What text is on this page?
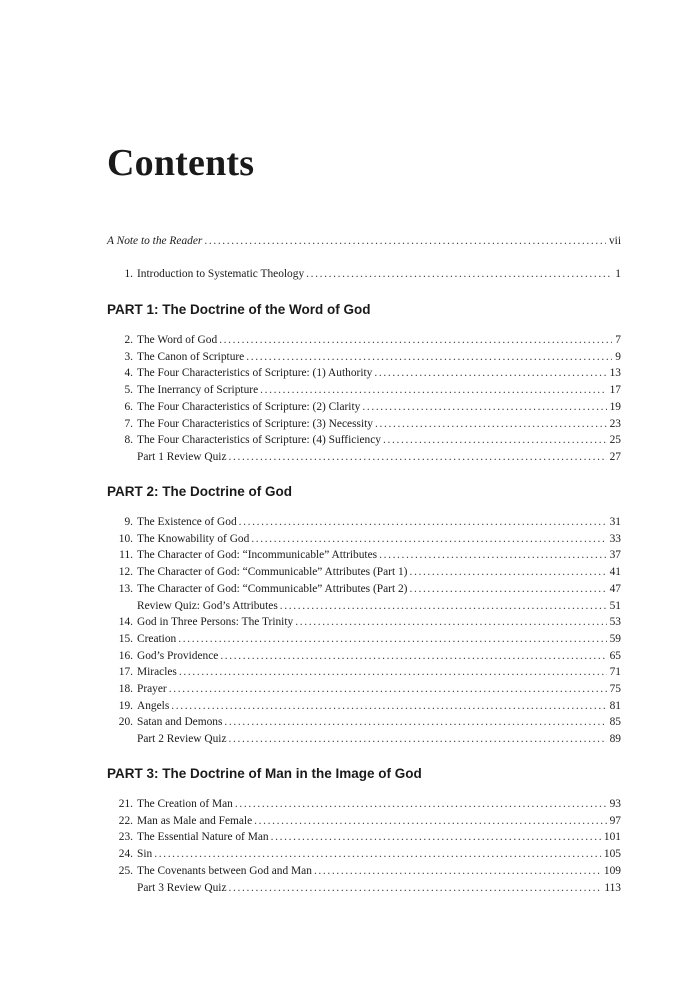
Contents
A Note to the Reader . . .	vii
1. Introduction to Systematic Theology . . .	1
PART 1: The Doctrine of the Word of God
2. The Word of God . . .	7
3. The Canon of Scripture . . .	9
4. The Four Characteristics of Scripture: (1) Authority . . .	13
5. The Inerrancy of Scripture . . .	17
6. The Four Characteristics of Scripture: (2) Clarity . . .	19
7. The Four Characteristics of Scripture: (3) Necessity . . .	23
8. The Four Characteristics of Scripture: (4) Sufficiency . . .	25
Part 1 Review Quiz . . .	27
PART 2: The Doctrine of God
9. The Existence of God . . .	31
10. The Knowability of God . . .	33
11. The Character of God: “Incommunicable” Attributes . . .	37
12. The Character of God: “Communicable” Attributes (Part 1) . . .	41
13. The Character of God: “Communicable” Attributes (Part 2) . . .	47
Review Quiz: God’s Attributes . . .	51
14. God in Three Persons: The Trinity . . .	53
15. Creation . . .	59
16. God’s Providence . . .	65
17. Miracles . . .	71
18. Prayer . . .	75
19. Angels . . .	81
20. Satan and Demons . . .	85
Part 2 Review Quiz . . .	89
PART 3: The Doctrine of Man in the Image of God
21. The Creation of Man . . .	93
22. Man as Male and Female . . .	97
23. The Essential Nature of Man . . .	101
24. Sin . . .	105
25. The Covenants between God and Man . . .	109
Part 3 Review Quiz . . .	113
